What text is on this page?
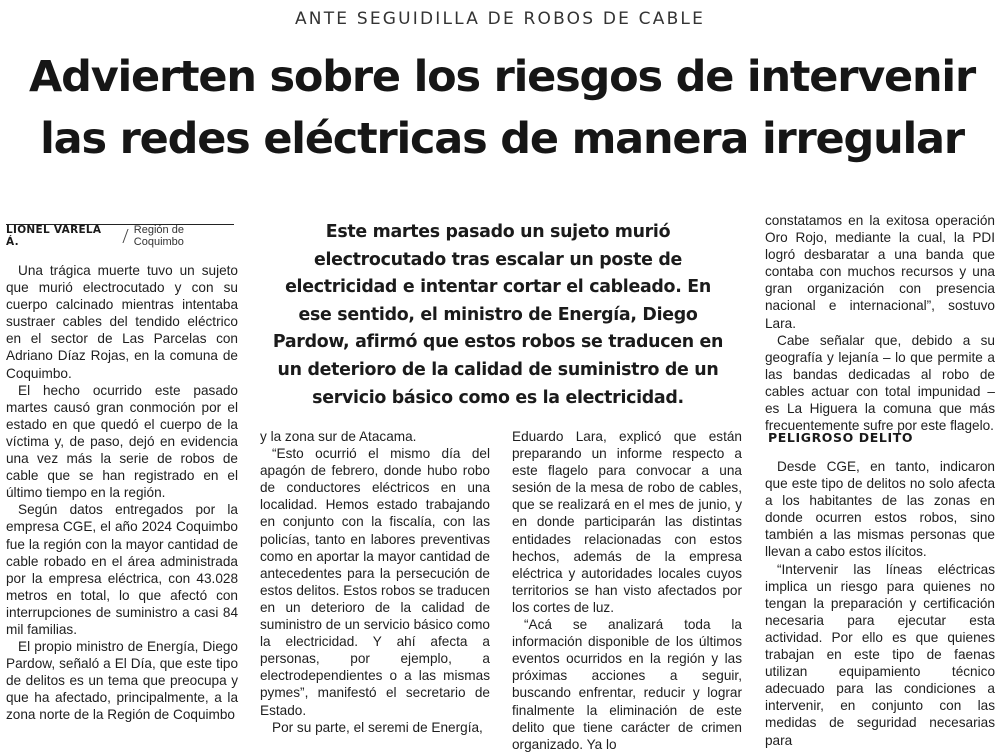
ANTE SEGUIDILLA DE ROBOS DE CABLE
Advierten sobre los riesgos de intervenir
las redes eléctricas de manera irregular
LIONEL VARELA Á.
Región de Coquimbo	Este martes pasado un sujeto murió electrocutado tras escalar un poste de electricidad e intentar cortar el cableado. En ese sentido, el ministro de Energía, Diego Pardow, afirmó que estos robos se traducen en un deterioro de la calidad de suministro de un servicio básico como es la electricidad.

Una trágica muerte tuvo un sujeto que murió electrocutado y con su cuerpo calcinado mientras intentaba sustraer cables del tendido eléctrico en el sector de Las Parcelas con Adriano Díaz Rojas, en la comuna de Coquimbo.

El hecho ocurrido este pasado martes causó gran conmoción por el estado en que quedó el cuerpo de la víctima y, de paso, dejó en evidencia una vez más la serie de robos de cable que se han registrado en el último tiempo en la región.

Según datos entregados por la empresa CGE, el año 2024 Coquimbo fue la región con la mayor cantidad de cable robado en el área administrada por la empresa eléctrica, con 43.028 metros en total, lo que afectó con interrupciones de suministro a casi 84 mil familias.

El propio ministro de Energía, Diego Pardow, señaló a El Día, que este tipo de delitos es un tema que preocupa y que ha afectado, principalmente, a la zona norte de la Región de Coquimbo

y la zona sur de Atacama.

“Esto ocurrió el mismo día del apagón de febrero, donde hubo robo de conductores eléctricos en una localidad. Hemos estado trabajando en conjunto con la fiscalía, con las policías, tanto en labores preventivas como en aportar la mayor cantidad de antecedentes para la persecución de estos delitos. Estos robos se traducen en un deterioro de la calidad de suministro de un servicio básico como la electricidad. Y ahí afecta a personas, por ejemplo, a electrodependientes o a las mismas pymes”, manifestó el secretario de Estado.

Por su parte, el seremi de Energía,

Eduardo Lara, explicó que están preparando un informe respecto a este flagelo para convocar a una sesión de la mesa de robo de cables, que se realizará en el mes de junio, y en donde participarán las distintas entidades relacionadas con estos hechos, además de la empresa eléctrica y autoridades locales cuyos territorios se han visto afectados por los cortes de luz.

“Acá se analizará toda la información disponible de los últimos eventos ocurridos en la región y las próximas acciones a seguir, buscando enfrentar, reducir y lograr finalmente la eliminación de este delito que tiene carácter de crimen organizado. Ya lo

constatamos en la exitosa operación Oro Rojo, mediante la cual, la PDI logró desbaratar a una banda que contaba con muchos recursos y una gran organización con presencia nacional e internacional”, sostuvo Lara.

Cabe señalar que, debido a su geografía y lejanía – lo que permite a las bandas dedicadas al robo de cables actuar con total impunidad – es La Higuera la comuna que más frecuentemente sufre por este flagelo.

PELIGROSO DELITO

Desde CGE, en tanto, indicaron que este tipo de delitos no solo afecta a los habitantes de las zonas en donde ocurren estos robos, sino también a las mismas personas que llevan a cabo estos ilícitos.

“Intervenir las líneas eléctricas implica un riesgo para quienes no tengan la preparación y certificación necesaria para ejecutar esta actividad. Por ello es que quienes trabajan en este tipo de faenas utilizan equipamiento técnico adecuado para las condiciones a intervenir, en conjunto con las medidas de seguridad necesarias para
